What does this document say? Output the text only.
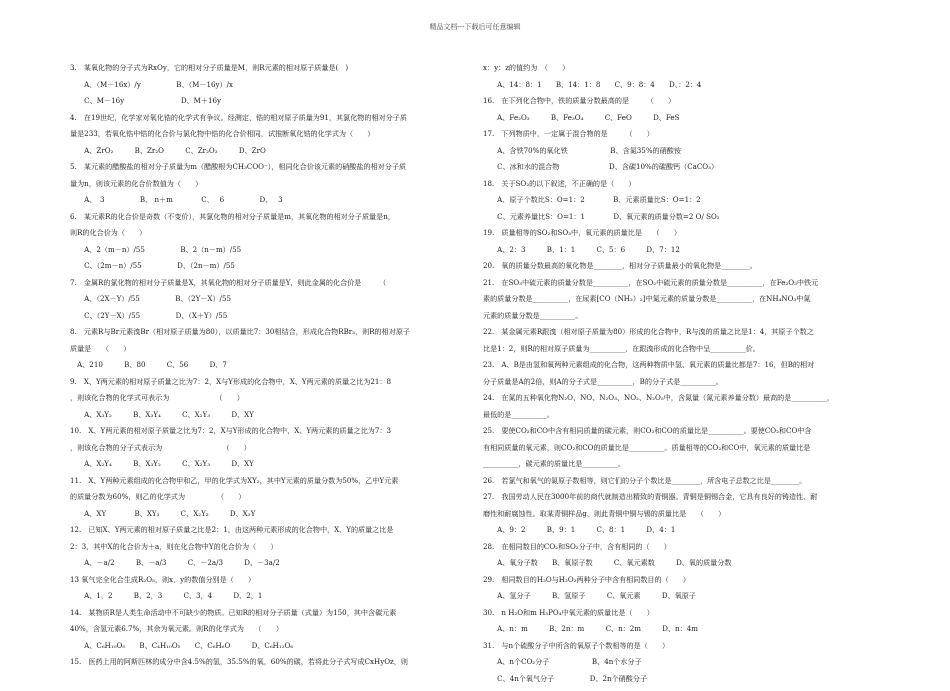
精品文档---下载后可任意编辑
3.　某氧化物的分子式为RxOy，它的相对分子质量是M，则R元素的相对原子质量是(　)
　　A、（M－16x）/y　　　　　B、（M－16y）/x
　　C、M－16y　　　　　　　　D、M＋16y
4.　在19世纪，化学家对氧化锆的化学式有争议。经测定，锆的相对原子质量为91，其氯化物的相对分子质
量是233，若氧化锆中锆的化合价与氯化物中锆的化合价相同，试推断氧化锆的化学式为（　　）
　　A、ZrO₂　　　B、Zr₂O　　　C、Zr₂O₃　　　D、ZrO
5.　某元素的醋酸盐的相对分子质量为m（醋酸根为CH₃COO⁻），相同化合价该元素的硝酸盐的相对分子质
量为n，则该元素的化合价数值为（　　）
　　A、　3　　　　　B、 n＋m　　　　C、　 6　　　　　D、　 3
6.　某元素R的化合价是奇数（不变价），其氯化物的相对分子质量是m，其氧化物的相对分子质量是n，
则R的化合价为（　　）
　　A、2（m－n）/55　　　　　B、2（n－m）/55
　　C、（2m－n）/55　　　　　D、（2n－m）/55
7.　金属R的氯化物的相对分子质量是X，其氧化物的相对分子质量是Y，则此金属的化合价是　　　（
　　A、（2X－Y）/55　　　　　B、（2Y－X）/55
　　C、（2Y－X）/55　　　　　D、（X＋Y）/55
8.　元素R与Br元素溴Br（相对原子质量为80），以质量比7：30相结合，形成化合物RBr₃，则R的相对原子
质量是　　（　　）
　A、210　　　B、80　　　C、56　　　D、7
9.　X、Y两元素的相对原子质量之比为7：2，X与Y形成的化合物中，X、Y两元素的质量之比为21：8
，则该化合物的化学式可表示为　　　　　　　（　　）
　　A、X₃Y₂　　　B、X₃Y₄　　　C、X₂Y₃　　　D、XY
10.　X、Y两元素的相对原子质量之比为7：2，X与Y形成的化合物中，X、Y两元素的质量之比为7：3
，则该化合物的分子式表示为　　　　　　　　　（　　）
　　A、X₂Y₄　　　B、X₃Y₂　　　C、X₂Y₃　　　D、XY
11.　X、Y两种元素组成的化合物甲和乙，甲的化学式为XY₂，其中Y元素的质量分数为50%，乙中Y元素
的质量分数为60%，则乙的化学式为　　　　　（　　）
　　A、XY　　　　B、XY₃　　　C、X₂Y₃　　　D、X₃Y
12.　已知X、Y两元素的相对原子质量之比是2：1，由这两种元素形成的化合物中，X、Y的质量之比是
2：3，其中X的化合价为＋a，则在化合物中Y的化合价为（　　）
　　A、－a/2　　　B、－a/3　　　C、－2a/3　　　D、－3a/2
13 氧气完全化合生成R₂O₅，则x、y的数值分别是（　　）
　　A、1，2　　　B、2，3　　　C、3，4　　　D、2，1
14.　某物质R是人类生命活动中不可缺少的物质。已知R的相对分子质量（式量）为150，其中含碳元素
40%，含氢元素6.7%，其余为氧元素。则R的化学式为　　（　　）
　　A、C₆H₁₀O₅　　B、C₄H₁₀O₅　　C、C₆H₆O　　　D、C₆H₁₂O₆
15.　医药上用的阿斯匹林的成分中含4.5%的氢，35.5%的氧，60%的碳，若将此分子式写成CxHyOz，则
x：y：z的值约为　（　　）
　　A、14：8：1　　B、14：1：8　　C、9：8：4　　D、：2：4
16.　在下列化合物中，铁的质量分数最高的是　　　（　　）
　　A、Fe₂O₃　　　B、Fe₃O₄　　　C、FeO　　　D、FeS
17.　下列物质中，一定属于混合物的是　　　（　　）
　　A、含铁70%的氧化铁　　　　　　B、含氮35%的硝酸铵
　　C、冰和水的混合物　　　　　　　D、含碳10%的碳酸钙（CaCO₃）
18.　关于SO₂的以下叙述，不正确的是（　　）
　　A、原子个数比S：O=1：2　　　　B、元素质量比S：O=1：2
　　C、元素养量比S：O=1：1　　　　D、氧元素的质量分数=2 O/ SO₂
19.　质量相等的SO₂和SO₃中，氧元素的质量比是　　（　　）
　　A、2：3　　　B、1：1　　　C、5：6　　　D、7：12
20.　氧的质量分数最高的氧化物是________，相对分子质量最小的氧化物是________。
21.　在SO₃中硫元素的质量分数是__________，在SO₂中硫元素的质量分数是__________，在Fe₂O₃中铁元
素的质量分数是__________，在尿素[CO（NH₂）₂]中氮元素的质量分数是__________，在NH₄NO₃中氮
元素的质量分数是__________。
22.　某金属元素R跟溴（相对原子质量为80）形成的化合物中，R与溴的质量之比是1：4，其原子个数之
比是1：2，则R的相对原子质量为__________，在跟溴形成的化合物中呈__________价。
23.　A、B是由氢和氧两种元素组成的化合物，这两种物质中氢、氧元素的质量比都是7：16，但B的相对
分子质量是A的2倍，则A的分子式是__________，B的分子式是__________。
24.　在氮的五种氧化物N₂O、NO、N₂O₃、NO₂、N₂O₅中，含氮量（氮元素养量分数）最高的是__________，
最低的是__________。
25.　要使CO₂和CO中含有相同质量的碳元素，则CO₂和CO的质量比是__________。要使CO₂和CO中含
有相同质量的氧元素，则CO₂和CO的质量比是__________。质量相等的CO₂和CO中，氧元素的质量比是
__________，碳元素的质量比是__________。
26.　若氯气和氧气的氮原子数相等，则它们的分子个数比是________，所含电子总数之比是________。
27.　我国劳动人民在3000年前的商代就制造出精致的青铜器。青铜是铜锡合金，它具有良好的铸造性、耐
磨性和耐腐蚀性。取某青铜样品g，则此青铜中铜与锡的质量比是　　（　　）
　　A、9：2　　　B、9：1　　　C、8：1　　　D、4：1
28.　在相同数目的CO₂和SO₂分子中，含有相同的（　　）
　　A、氧分子数　　B、氧原子数　　　C、氧元素数　　　D、氧的质量分数
29.　相同数目的H₂O与H₂O₂两种分子中含有相同数目的（　　）
　　A、氢分子　　　B、氢原子　　　C、氧元素　　　D、氧原子
30.　n H₂O和m H₃PO₄中氧元素的质量比是（　　）
　　A、n：m　　　B、2n：m　　　C、n：2m　　　D、n：4m
31.　与n个硫酸分子中所含的氧原子个数相等的是（　　）
　　A、n个CO₂分子　　　　　　B、4n个水分子
　　C、4n个氧气分子　　　　　D、2n个硝酸分子
